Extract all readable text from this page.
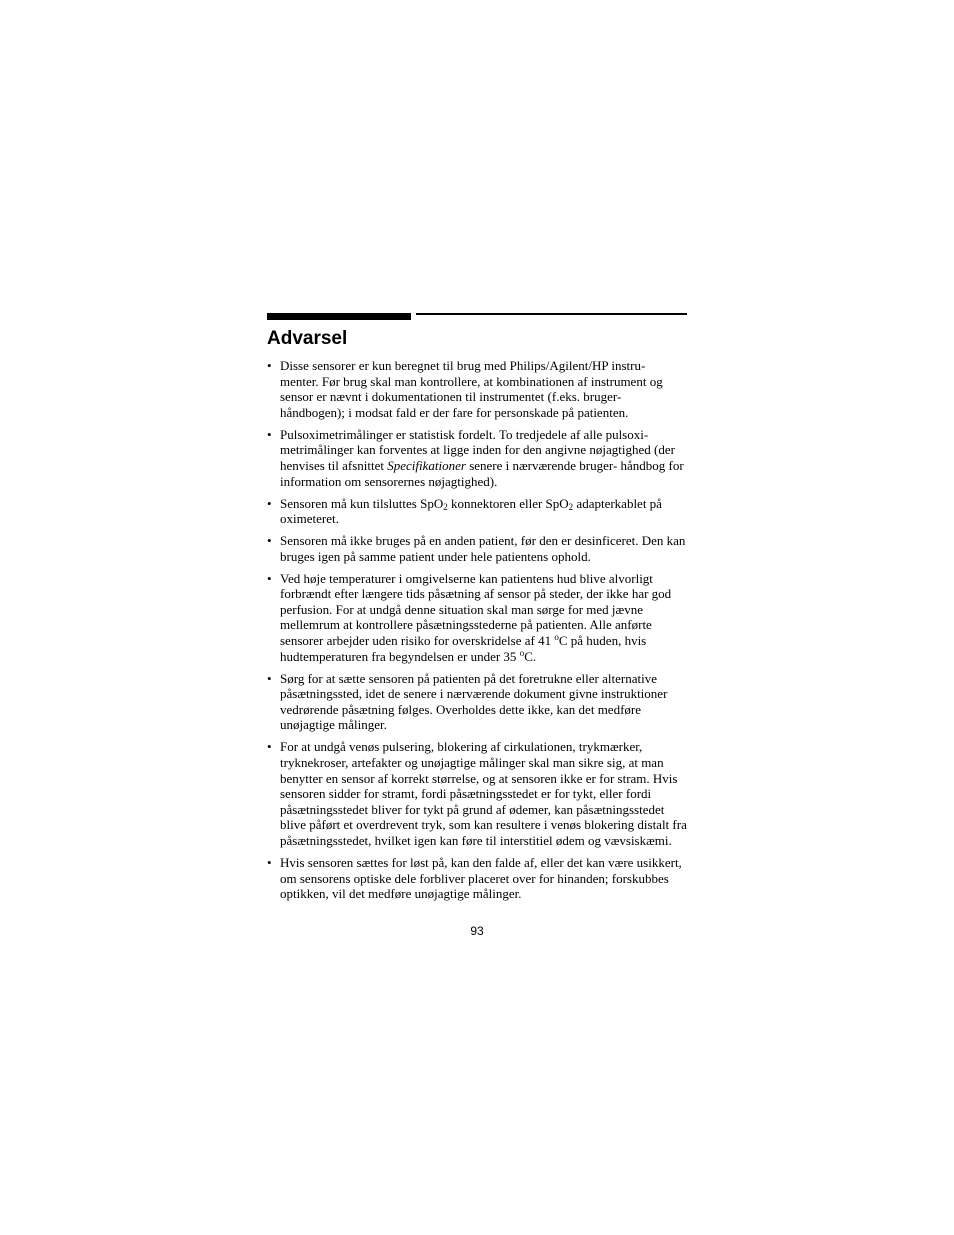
Advarsel
• Disse sensorer er kun beregnet til brug med Philips/Agilent/HP instru- menter. Før brug skal man kontrollere, at kombinationen af instrument og sensor er nævnt i dokumentationen til instrumentet (f.eks. bruger- håndbogen); i modsat fald er der fare for personskade på patienten.
• Pulsoximetrimålinger er statistisk fordelt. To tredjedele af alle pulsoxi- metrimålinger kan forventes at ligge inden for den angivne nøjagtighed (der henvises til afsnittet Specifikationer senere i nærværende bruger- håndbog for information om sensorernes nøjagtighed).
• Sensoren må kun tilsluttes SpO$_2$ konnektoren eller SpO$_2$ adapterkablet på oximeteret.
• Sensoren må ikke bruges på en anden patient, før den er desinficeret. Den kan bruges igen på samme patient under hele patientens ophold.
• Ved høje temperaturer i omgivelserne kan patientens hud blive alvorligt forbrændt efter længere tids påsætning af sensor på steder, der ikke har god perfusion. For at undgå denne situation skal man sørge for med jævne mellemrum at kontrollere påsætningsstederne på patienten. Alle anførte sensorer arbejder uden risiko for overskridelse af 41 $^o$C på huden, hvis hudtemperaturen fra begyndelsen er under 35 $^o$C.
• Sørg for at sætte sensoren på patienten på det foretrukne eller alternative påsætningssted, idet de senere i nærværende dokument givne instruktioner vedrørende påsætning følges. Overholdes dette ikke, kan det medføre unøjagtige målinger.
• For at undgå venøs pulsering, blokering af cirkulationen, trykmærker, tryknekroser, artefakter og unøjagtige målinger skal man sikre sig, at man benytter en sensor af korrekt størrelse, og at sensoren ikke er for stram. Hvis sensoren sidder for stramt, fordi påsætningsstedet er for tykt, eller fordi påsætningsstedet bliver for tykt på grund af ødemer, kan påsætningsstedet blive påført et overdrevent tryk, som kan resultere i venøs blokering distalt fra påsætningsstedet, hvilket igen kan føre til interstitiel ødem og vævsiskæmi.
• Hvis sensoren sættes for løst på, kan den falde af, eller det kan være usikkert, om sensorens optiske dele forbliver placeret over for hinanden; forskubbes optikken, vil det medføre unøjagtige målinger.
93
